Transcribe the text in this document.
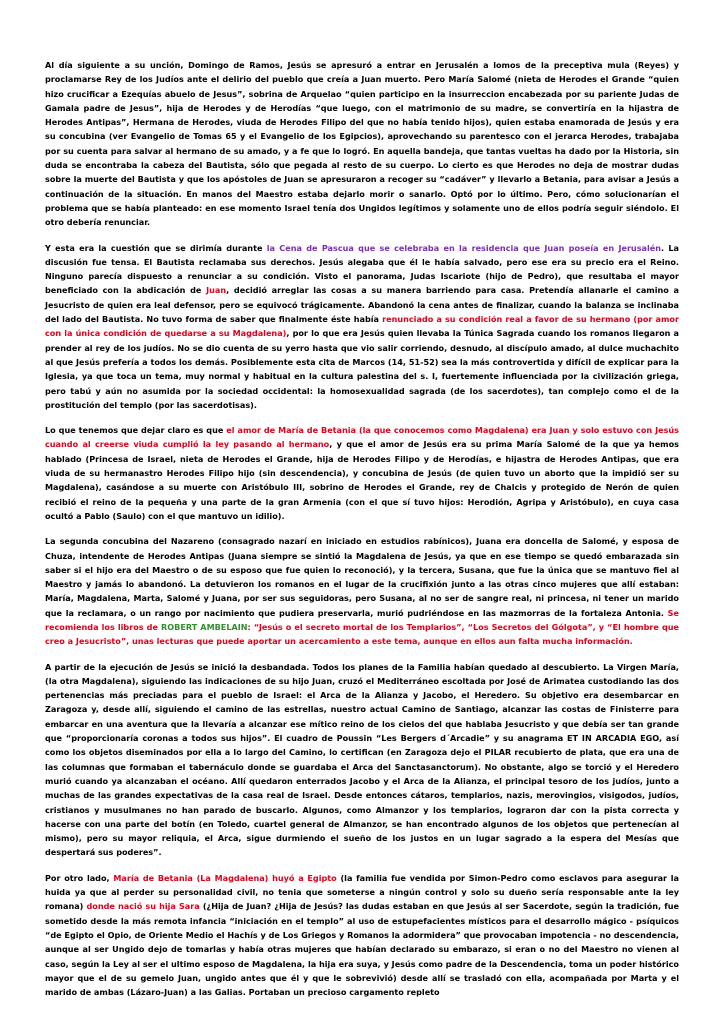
Al día siguiente a su unción, Domingo de Ramos, Jesús se apresuró a entrar en Jerusalén a lomos de la preceptiva mula (Reyes) y proclamarse Rey de los Judíos ante el delirio del pueblo que creía a Juan muerto. Pero María Salomé (nieta de Herodes el Grande “quien hizo crucificar a Ezequías abuelo de Jesus”, sobrina de Arquelao “quien participo en la insurreccion encabezada por su pariente Judas de Gamala padre de Jesus”, hija de Herodes y de Herodías “que luego, con el matrimonio de su madre, se convertiría en la hijastra de Herodes Antipas”, Hermana de Herodes, viuda de Herodes Filipo del que no había tenido hijos), quien estaba enamorada de Jesús y era su concubina (ver Evangelio de Tomas 65 y el Evangelio de los Egipcios), aprovechando su parentesco con el jerarca Herodes, trabajaba por su cuenta para salvar al hermano de su amado, y a fe que lo logró. En aquella bandeja, que tantas vueltas ha dado por la Historia, sin duda se encontraba la cabeza del Bautista, sólo que pegada al resto de su cuerpo. Lo cierto es que Herodes no deja de mostrar dudas sobre la muerte del Bautista y que los apóstoles de Juan se apresuraron a recoger su “cadáver” y llevarlo a Betania, para avisar a Jesús a continuación de la situación. En manos del Maestro estaba dejarlo morir o sanarlo. Optó por lo último. Pero, cómo solucionarían el problema que se había planteado: en ese momento Israel tenía dos Ungidos legítimos y solamente uno de ellos podría seguir siéndolo. El otro debería renunciar.

Y esta era la cuestión que se dirimía durante la Cena de Pascua que se celebraba en la residencia que Juan poseía en Jerusalén. La discusión fue tensa. El Bautista reclamaba sus derechos. Jesús alegaba que él le había salvado, pero ese era su precio era el Reino. Ninguno parecía dispuesto a renunciar a su condición. Visto el panorama, Judas Iscariote (hijo de Pedro), que resultaba el mayor beneficiado con la abdicación de Juan, decidió arreglar las cosas a su manera barriendo para casa. Pretendía allanarle el camino a Jesucristo de quien era leal defensor, pero se equivocó trágicamente. Abandonó la cena antes de finalizar, cuando la balanza se inclinaba del lado del Bautista. No tuvo forma de saber que finalmente éste había renunciado a su condición real a favor de su hermano (por amor con la única condición de quedarse a su Magdalena), por lo que era Jesús quien llevaba la Túnica Sagrada cuando los romanos llegaron a prender al rey de los judíos. No se dio cuenta de su yerro hasta que vio salir corriendo, desnudo, al discípulo amado, al dulce muchachito al que Jesús prefería a todos los demás. Posiblemente esta cita de Marcos (14, 51-52) sea la más controvertida y difícil de explicar para la Iglesia, ya que toca un tema, muy normal y habitual en la cultura palestina del s. I, fuertemente influenciada por la civilización griega, pero tabú y aún no asumida por la sociedad occidental: la homosexualidad sagrada (de los sacerdotes), tan complejo como el de la prostitución del templo (por las sacerdotisas).

Lo que tenemos que dejar claro es que el amor de María de Betania (la que conocemos como Magdalena) era Juan y solo estuvo con Jesús cuando al creerse viuda cumplió la ley pasando al hermano, y que el amor de Jesús era su prima María Salomé de la que ya hemos hablado (Princesa de Israel, nieta de Herodes el Grande, hija de Herodes Filipo y de Herodías, e hijastra de Herodes Antipas, que era viuda de su hermanastro Herodes Filipo hijo (sin descendencia), y concubina de Jesús (de quien tuvo un aborto que la impidió ser su Magdalena), casándose a su muerte con Aristóbulo III, sobrino de Herodes el Grande, rey de Chalcis y protegido de Nerón de quien recibió el reino de la pequeña y una parte de la gran Armenia (con el que sí tuvo hijos: Herodión, Agripa y Aristóbulo), en cuya casa ocultó a Pablo (Saulo) con el que mantuvo un idilio).

La segunda concubina del Nazareno (consagrado nazarí en iniciado en estudios rabínicos), Juana era doncella de Salomé, y esposa de Chuza, intendente de Herodes Antipas (Juana siempre se sintió la Magdalena de Jesús, ya que en ese tiempo se quedó embarazada sin saber si el hijo era del Maestro o de su esposo que fue quien lo reconoció), y la tercera, Susana, que fue la única que se mantuvo fiel al Maestro y jamás lo abandonó. La detuvieron los romanos en el lugar de la crucifixión junto a las otras cinco mujeres que allí estaban: María, Magdalena, Marta, Salomé y Juana, por ser sus seguidoras, pero Susana, al no ser de sangre real, ni princesa, ni tener un marido que la reclamara, o un rango por nacimiento que pudiera preservarla, murió pudriéndose en las mazmorras de la fortaleza Antonia. Se recomienda los libros de ROBERT AMBELAIN: “Jesús o el secreto mortal de los Templarios”, “Los Secretos del Gólgota”, y “El hombre que creo a Jesucristo”, unas lecturas que puede aportar un acercamiento a este tema, aunque en ellos aun falta mucha información.

A partir de la ejecución de Jesús se inició la desbandada. Todos los planes de la Familia habían quedado al descubierto. La Virgen María, (la otra Magdalena), siguiendo las indicaciones de su hijo Juan, cruzó el Mediterráneo escoltada por José de Arimatea custodiando las dos pertenencias más preciadas para el pueblo de Israel: el Arca de la Alianza y Jacobo, el Heredero. Su objetivo era desembarcar en Zaragoza y, desde allí, siguiendo el camino de las estrellas, nuestro actual Camino de Santiago, alcanzar las costas de Finisterre para embarcar en una aventura que la llevaría a alcanzar ese mítico reino de los cielos del que hablaba Jesucristo y que debía ser tan grande que “proporcionaría coronas a todos sus hijos”. El cuadro de Poussin “Les Bergers d´Arcadie” y su anagrama ET IN ARCADIA EGO, así como los objetos diseminados por ella a lo largo del Camino, lo certifican (en Zaragoza dejo el PILAR recubierto de plata, que era una de las columnas que formaban el tabernáculo donde se guardaba el Arca del Sanctasanctorum). No obstante, algo se torció y el Heredero murió cuando ya alcanzaban el océano. Allí quedaron enterrados Jacobo y el Arca de la Alianza, el principal tesoro de los judíos, junto a muchas de las grandes expectativas de la casa real de Israel. Desde entonces cátaros, templarios, nazis, merovingios, visigodos, judíos, cristianos y musulmanes no han parado de buscarlo. Algunos, como Almanzor y los templarios, lograron dar con la pista correcta y hacerse con una parte del botín (en Toledo, cuartel general de Almanzor, se han encontrado algunos de los objetos que pertenecían al mismo), pero su mayor reliquia, el Arca, sigue durmiendo el sueño de los justos en un lugar sagrado a la espera del Mesías que despertará sus poderes”.

Por otro lado, María de Betania (La Magdalena) huyó a Egipto (la familia fue vendida por Simon-Pedro como esclavos para asegurar la huida ya que al perder su personalidad civil, no tenia que someterse a ningún control y solo su dueño sería responsable ante la ley romana) donde nació su hija Sara (¿Hija de Juan? ¿Hija de Jesús? las dudas estaban en que Jesús al ser Sacerdote, según la tradición, fue sometido desde la más remota infancia “iniciación en el templo” al uso de estupefacientes místicos para el desarrollo mágico - psíquicos “de Egipto el Opio, de Oriente Medio el Hachís y de Los Griegos y Romanos la adormidera” que provocaban impotencia - no descendencia, aunque al ser Ungido dejo de tomarlas y había otras mujeres que habían declarado su embarazo, si eran o no del Maestro no vienen al caso, según la Ley al ser el ultimo esposo de Magdalena, la hija era suya, y Jesús como padre de la Descendencia, toma un poder histórico mayor que el de su gemelo Juan, ungido antes que él y que le sobrevivió) desde allí se trasladó con ella, acompañada por Marta y el marido de ambas (Lázaro-Juan) a las Galias. Portaban un precioso cargamento repleto
